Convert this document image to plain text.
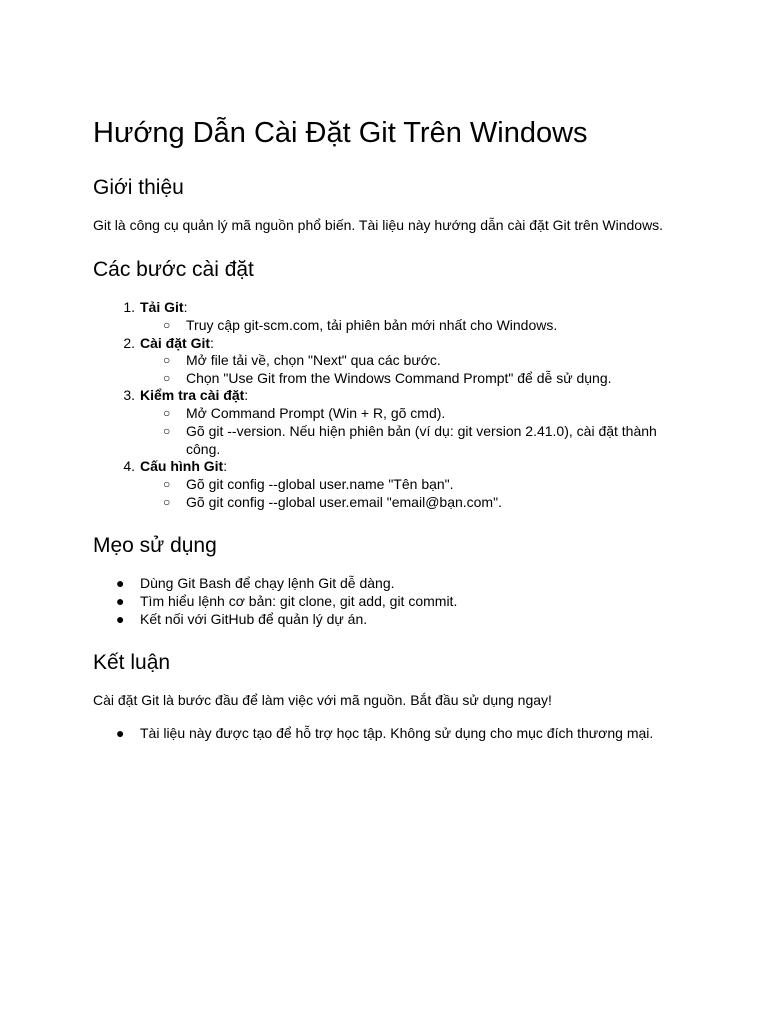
Hướng Dẫn Cài Đặt Git Trên Windows
Giới thiệu
Git là công cụ quản lý mã nguồn phổ biến. Tài liệu này hướng dẫn cài đặt Git trên Windows.
Các bước cài đặt
1. Tải Git:
○ Truy cập git-scm.com, tải phiên bản mới nhất cho Windows.
2. Cài đặt Git:
○ Mở file tải về, chọn "Next" qua các bước.
○ Chọn "Use Git from the Windows Command Prompt" để dễ sử dụng.
3. Kiểm tra cài đặt:
○ Mở Command Prompt (Win + R, gõ cmd).
○ Gõ git --version. Nếu hiện phiên bản (ví dụ: git version 2.41.0), cài đặt thành
công.
4. Cấu hình Git:
○ Gõ git config --global user.name "Tên bạn".
○ Gõ git config --global user.email "email@bạn.com".
Mẹo sử dụng
● Dùng Git Bash để chạy lệnh Git dễ dàng.
● Tìm hiểu lệnh cơ bản: git clone, git add, git commit.
● Kết nối với GitHub để quản lý dự án.
Kết luận
Cài đặt Git là bước đầu để làm việc với mã nguồn. Bắt đầu sử dụng ngay!
● Tài liệu này được tạo để hỗ trợ học tập. Không sử dụng cho mục đích thương mại.
